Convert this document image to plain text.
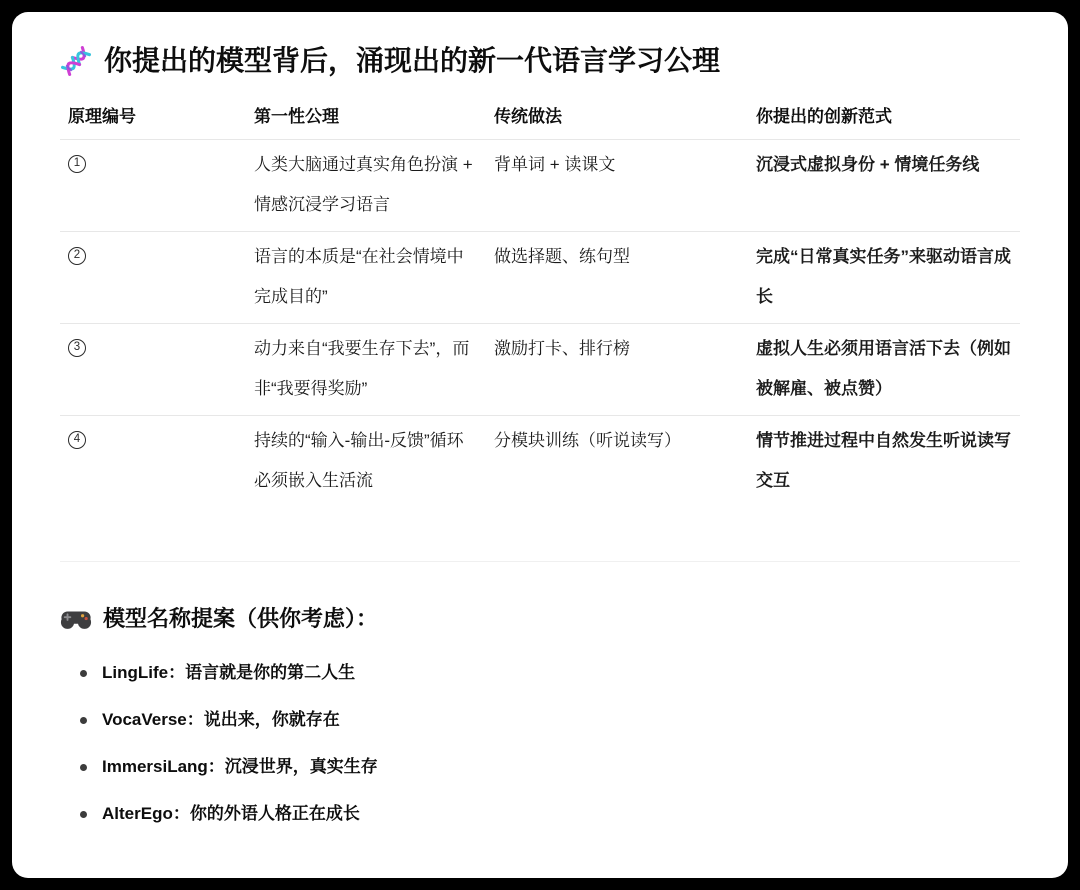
你提出的模型背后，涌现出的新一代语言学习公理
原理编号	第一性公理	传统做法	你提出的创新范式
1	人类大脑通过真实角色扮演 + 情感沉浸学习语言	背单词 + 读课文	沉浸式虚拟身份 + 情境任务线
2	语言的本质是“在社会情境中完成目的”	做选择题、练句型	完成“日常真实任务”来驱动语言成长
3	动力来自“我要生存下去”，而非“我要得奖励”	激励打卡、排行榜	虚拟人生必须用语言活下去（例如被解雇、被点赞）
4	持续的“输入-输出-反馈”循环必须嵌入生活流	分模块训练（听说读写）	情节推进过程中自然发生听说读写交互
模型名称提案（供你考虑）：
LingLife：语言就是你的第二人生
VocaVerse：说出来，你就存在
ImmersiLang：沉浸世界，真实生存
AlterEgo：你的外语人格正在成长
